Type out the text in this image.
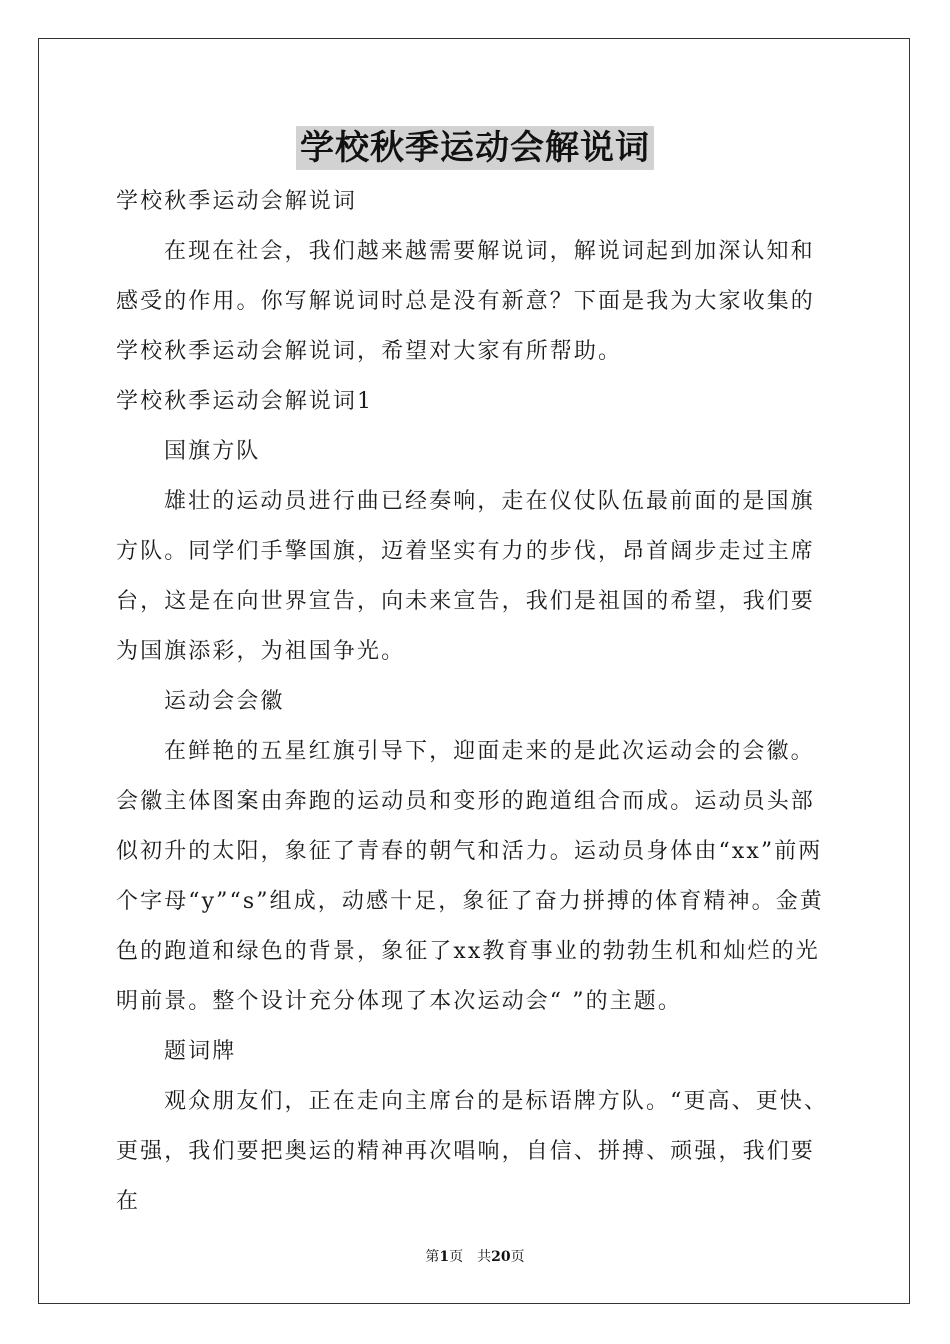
学校秋季运动会解说词

学校秋季运动会解说词

在现在社会，我们越来越需要解说词，解说词起到加深认知和感受的作用。你写解说词时总是没有新意？下面是我为大家收集的学校秋季运动会解说词，希望对大家有所帮助。

学校秋季运动会解说词1

国旗方队

雄壮的运动员进行曲已经奏响，走在仪仗队伍最前面的是国旗方队。同学们手擎国旗，迈着坚实有力的步伐，昂首阔步走过主席台，这是在向世界宣告，向未来宣告，我们是祖国的希望，我们要为国旗添彩，为祖国争光。

运动会会徽

在鲜艳的五星红旗引导下，迎面走来的是此次运动会的会徽。会徽主体图案由奔跑的运动员和变形的跑道组合而成。运动员头部似初升的太阳，象征了青春的朝气和活力。运动员身体由“xx”前两个字母“y”“s”组成，动感十足，象征了奋力拼搏的体育精神。金黄色的跑道和绿色的背景，象征了xx教育事业的勃勃生机和灿烂的光明前景。整个设计充分体现了本次运动会“ ”的主题。

题词牌

观众朋友们，正在走向主席台的是标语牌方队。“更高、更快、更强，我们要把奥运的精神再次唱响，自信、拼搏、顽强，我们要在

第1页 共20页
